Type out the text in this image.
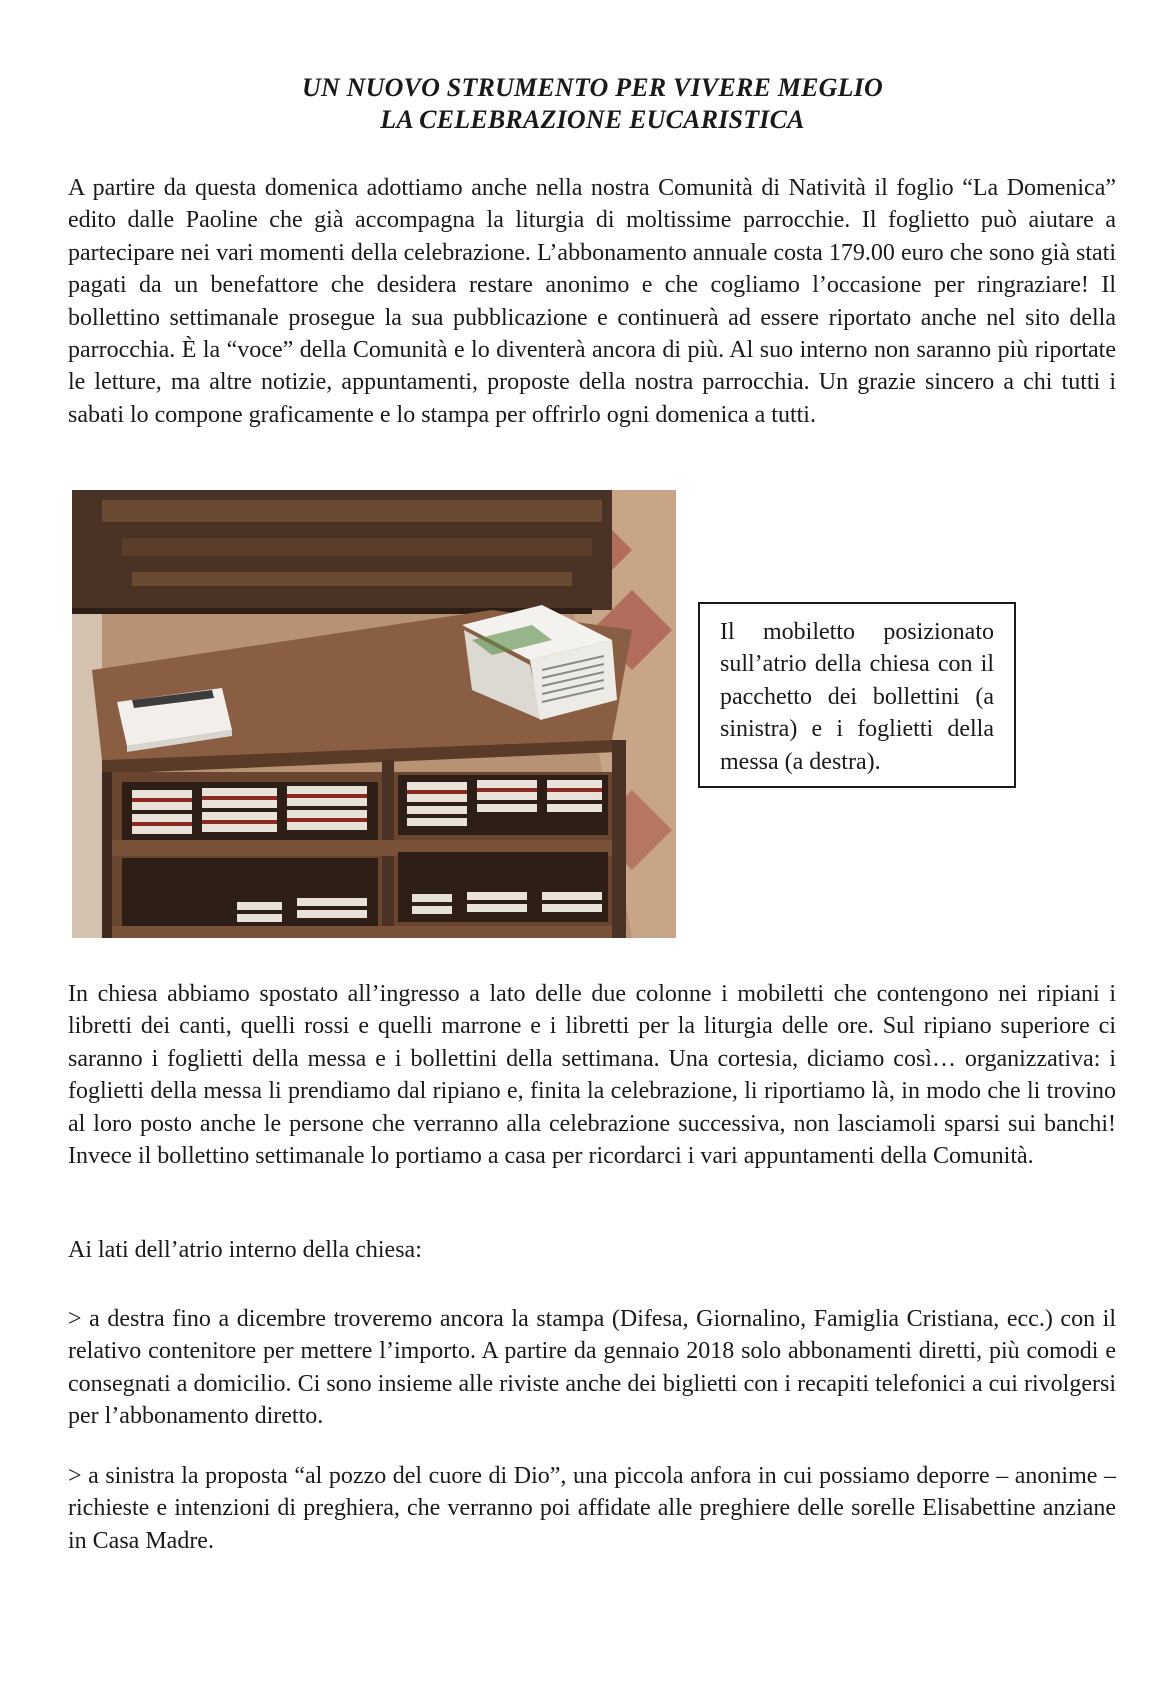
UN NUOVO STRUMENTO PER VIVERE MEGLIO
LA CELEBRAZIONE EUCARISTICA

A partire da questa domenica adottiamo anche nella nostra Comunità di Natività il foglio “La Domenica” edito dalle Paoline che già accompagna la liturgia di moltissime parrocchie. Il foglietto può aiutare a partecipare nei vari momenti della celebrazione. L’abbonamento annuale costa 179.00 euro che sono già stati pagati da un benefattore che desidera restare anonimo e che cogliamo l’occasione per ringraziare! Il bollettino settimanale prosegue la sua pubblicazione e continuerà ad essere riportato anche nel sito della parrocchia. È la “voce” della Comunità e lo diventerà ancora di più. Al suo interno non saranno più riportate le letture, ma altre notizie, appuntamenti, proposte della nostra parrocchia. Un grazie sincero a chi tutti i sabati lo compone graficamente e lo stampa per offrirlo ogni domenica a tutti.

Il mobiletto posizionato sull’atrio della chiesa con il pacchetto dei bollettini (a sinistra) e i foglietti della messa (a destra).

In chiesa abbiamo spostato all’ingresso a lato delle due colonne i mobiletti che contengono nei ripiani i libretti dei canti, quelli rossi e quelli marrone e i libretti per la liturgia delle ore. Sul ripiano superiore ci saranno i foglietti della messa e i bollettini della settimana. Una cortesia, diciamo così… organizzativa: i foglietti della messa li prendiamo dal ripiano e, finita la celebrazione, li riportiamo là, in modo che li trovino al loro posto anche le persone che verranno alla celebrazione successiva, non lasciamoli sparsi sui banchi! Invece il bollettino settimanale lo portiamo a casa per ricordarci i vari appuntamenti della Comunità.

Ai lati dell’atrio interno della chiesa:

> a destra fino a dicembre troveremo ancora la stampa (Difesa, Giornalino, Famiglia Cristiana, ecc.) con il relativo contenitore per mettere l’importo. A partire da gennaio 2018 solo abbonamenti diretti, più comodi e consegnati a domicilio. Ci sono insieme alle riviste anche dei biglietti con i recapiti telefonici a cui rivolgersi per l’abbonamento diretto.

> a sinistra la proposta “al pozzo del cuore di Dio”, una piccola anfora in cui possiamo deporre – anonime – richieste e intenzioni di preghiera, che verranno poi affidate alle preghiere delle sorelle Elisabettine anziane in Casa Madre.
